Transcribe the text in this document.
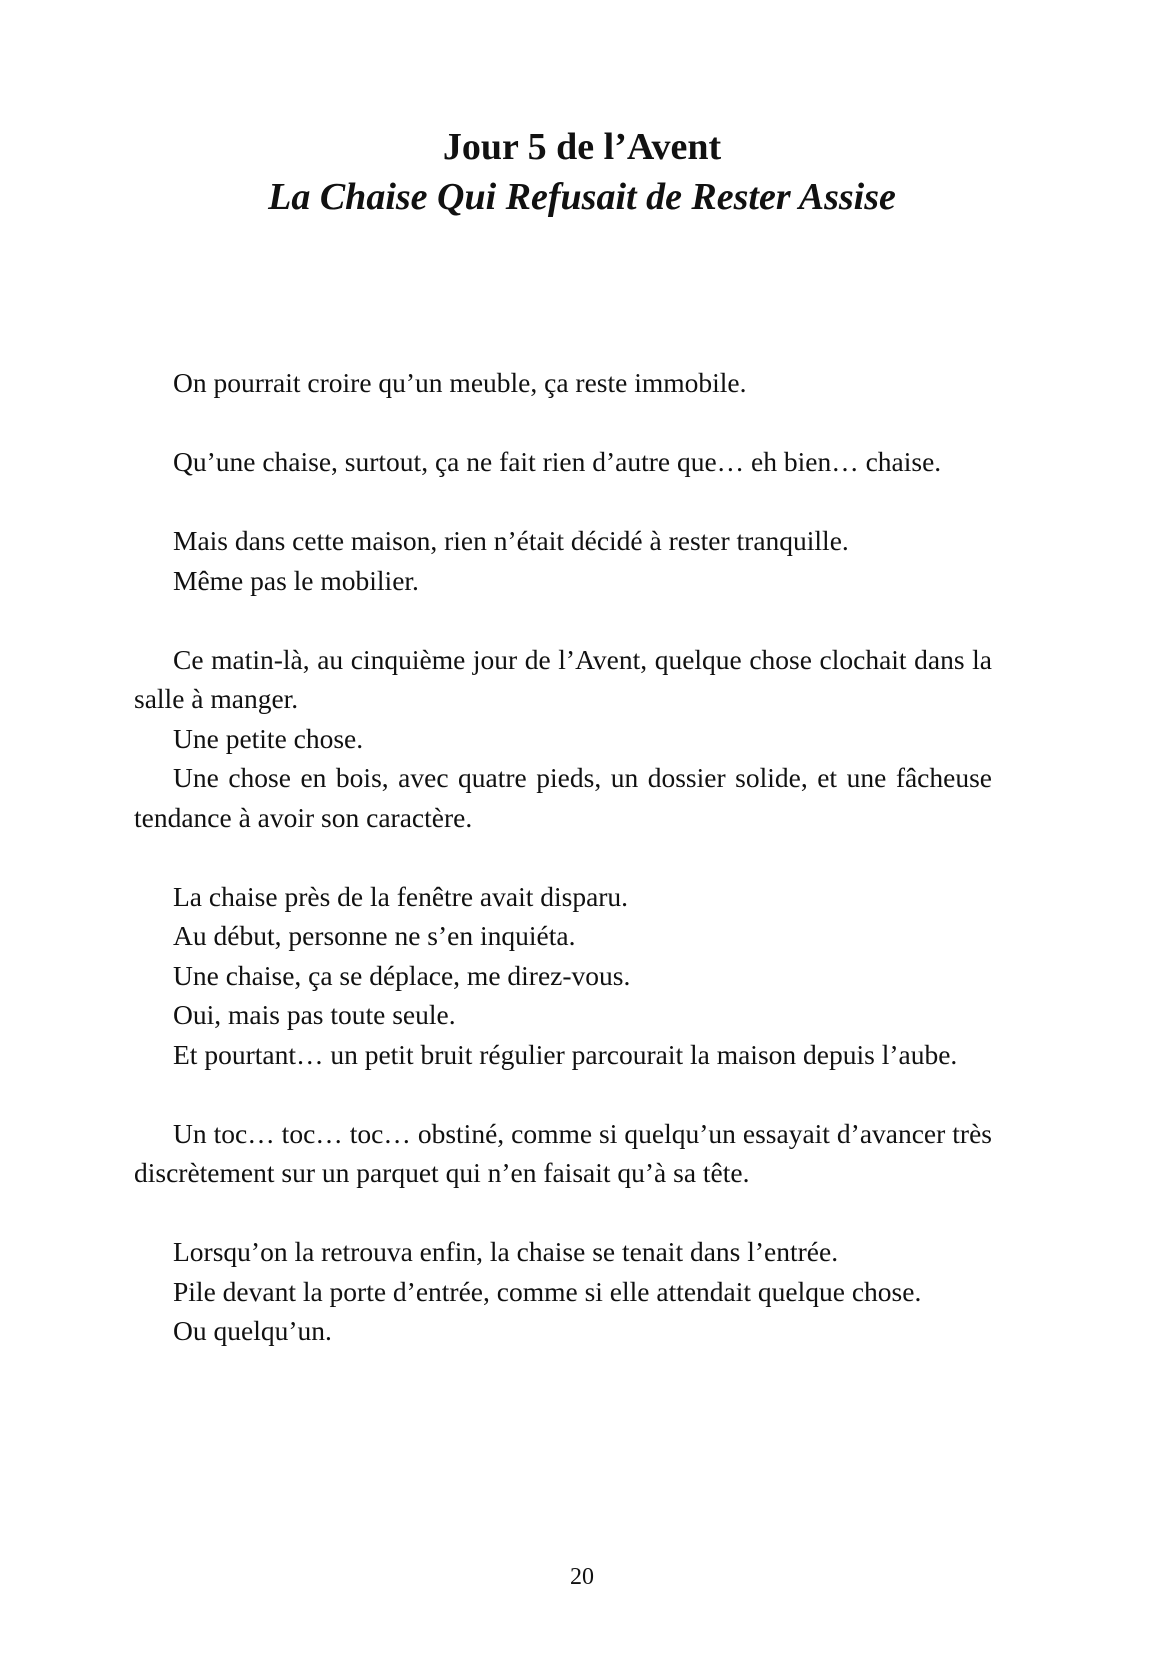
Jour 5 de l’Avent
La Chaise Qui Refusait de Rester Assise
On pourrait croire qu’un meuble, ça reste immobile.
Qu’une chaise, surtout, ça ne fait rien d’autre que… eh bien… chaise.
Mais dans cette maison, rien n’était décidé à rester tranquille.
Même pas le mobilier.
Ce matin-là, au cinquième jour de l’Avent, quelque chose clochait dans la salle à manger.
Une petite chose.
Une chose en bois, avec quatre pieds, un dossier solide, et une fâcheuse tendance à avoir son caractère.
La chaise près de la fenêtre avait disparu.
Au début, personne ne s’en inquiéta.
Une chaise, ça se déplace, me direz-vous.
Oui, mais pas toute seule.
Et pourtant… un petit bruit régulier parcourait la maison depuis l’aube.
Un toc… toc… toc… obstiné, comme si quelqu’un essayait d’avancer très discrètement sur un parquet qui n’en faisait qu’à sa tête.
Lorsqu’on la retrouva enfin, la chaise se tenait dans l’entrée.
Pile devant la porte d’entrée, comme si elle attendait quelque chose.
Ou quelqu’un.
20
